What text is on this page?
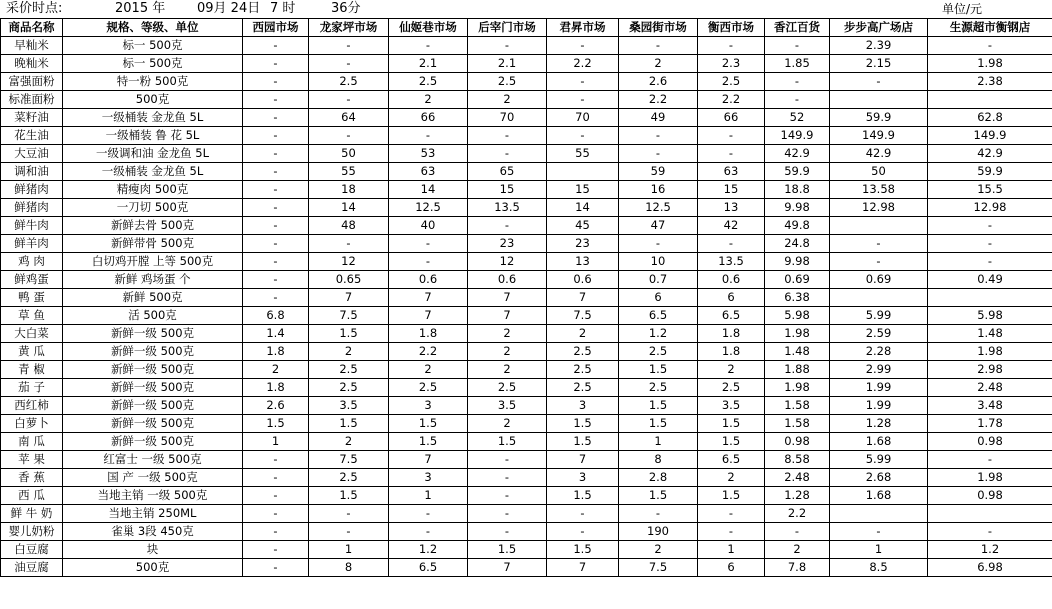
采价时点:	2015 年 09月 24日 7 时	36分	单位/元
商品名称	规格、等级、单位	西园市场	龙家坪市场	仙姬巷市场	后宰门市场	君昇市场	桑园街市场	衡西市场	香江百货	步步高广场店	生源超市衡钢店
早籼米	标一 500克	-	-	-	-	-	-	-	-	2.39	-
晚籼米	标一 500克	-	-	2.1	2.1	2.2	2	2.3	1.85	2.15	1.98
富强面粉	特一粉 500克	-	2.5	2.5	2.5	-	2.6	2.5	-	-	2.38
标准面粉	500克	-	-	2	2	-	2.2	2.2	-		
菜籽油	一级桶装 金龙鱼 5L	-	64	66	70	70	49	66	52	59.9	62.8
花生油	一级桶装 鲁 花 5L	-	-	-	-	-	-	-	149.9	149.9	149.9
大豆油	一级调和油 金龙鱼 5L	-	50	53	-	55	-	-	42.9	42.9	42.9
调和油	一级桶装 金龙鱼 5L	-	55	63	65		59	63	59.9	50	59.9
鲜猪肉	精瘦肉 500克	-	18	14	15	15	16	15	18.8	13.58	15.5
鲜猪肉	一刀切 500克	-	14	12.5	13.5	14	12.5	13	9.98	12.98	12.98
鲜牛肉	新鲜去骨 500克	-	48	40	-	45	47	42	49.8		-
鲜羊肉	新鲜带骨 500克	-	-	-	23	23	-	-	24.8	-	-
鸡 肉	白切鸡开膛 上等 500克	-	12	-	12	13	10	13.5	9.98	-	-
鲜鸡蛋	新鲜 鸡场蛋 个	-	0.65	0.6	0.6	0.6	0.7	0.6	0.69	0.69	0.49
鸭 蛋	新鲜 500克	-	7	7	7	7	6	6	6.38		
草 鱼	活 500克	6.8	7.5	7	7	7.5	6.5	6.5	5.98	5.99	5.98
大白菜	新鲜一级 500克	1.4	1.5	1.8	2	2	1.2	1.8	1.98	2.59	1.48
黄 瓜	新鲜一级 500克	1.8	2	2.2	2	2.5	2.5	1.8	1.48	2.28	1.98
青 椒	新鲜一级 500克	2	2.5	2	2	2.5	1.5	2	1.88	2.99	2.98
茄 子	新鲜一级 500克	1.8	2.5	2.5	2.5	2.5	2.5	2.5	1.98	1.99	2.48
西红柿	新鲜一级 500克	2.6	3.5	3	3.5	3	1.5	3.5	1.58	1.99	3.48
白萝卜	新鲜一级 500克	1.5	1.5	1.5	2	1.5	1.5	1.5	1.58	1.28	1.78
南 瓜	新鲜一级 500克	1	2	1.5	1.5	1.5	1	1.5	0.98	1.68	0.98
苹 果	红富士 一级 500克	-	7.5	7	-	7	8	6.5	8.58	5.99	-
香 蕉	国 产 一级 500克	-	2.5	3	-	3	2.8	2	2.48	2.68	1.98
西 瓜	当地主销 一级 500克	-	1.5	1	-	1.5	1.5	1.5	1.28	1.68	0.98
鲜 牛 奶	当地主销 250ML	-	-	-	-	-	-	-	2.2		
婴儿奶粉	雀巢 3段 450克	-	-	-	-	-	190	-	-	-	-
白豆腐	块	-	1	1.2	1.5	1.5	2	1	2	1	1.2
油豆腐	500克	-	8	6.5	7	7	7.5	6	7.8	8.5	6.98
